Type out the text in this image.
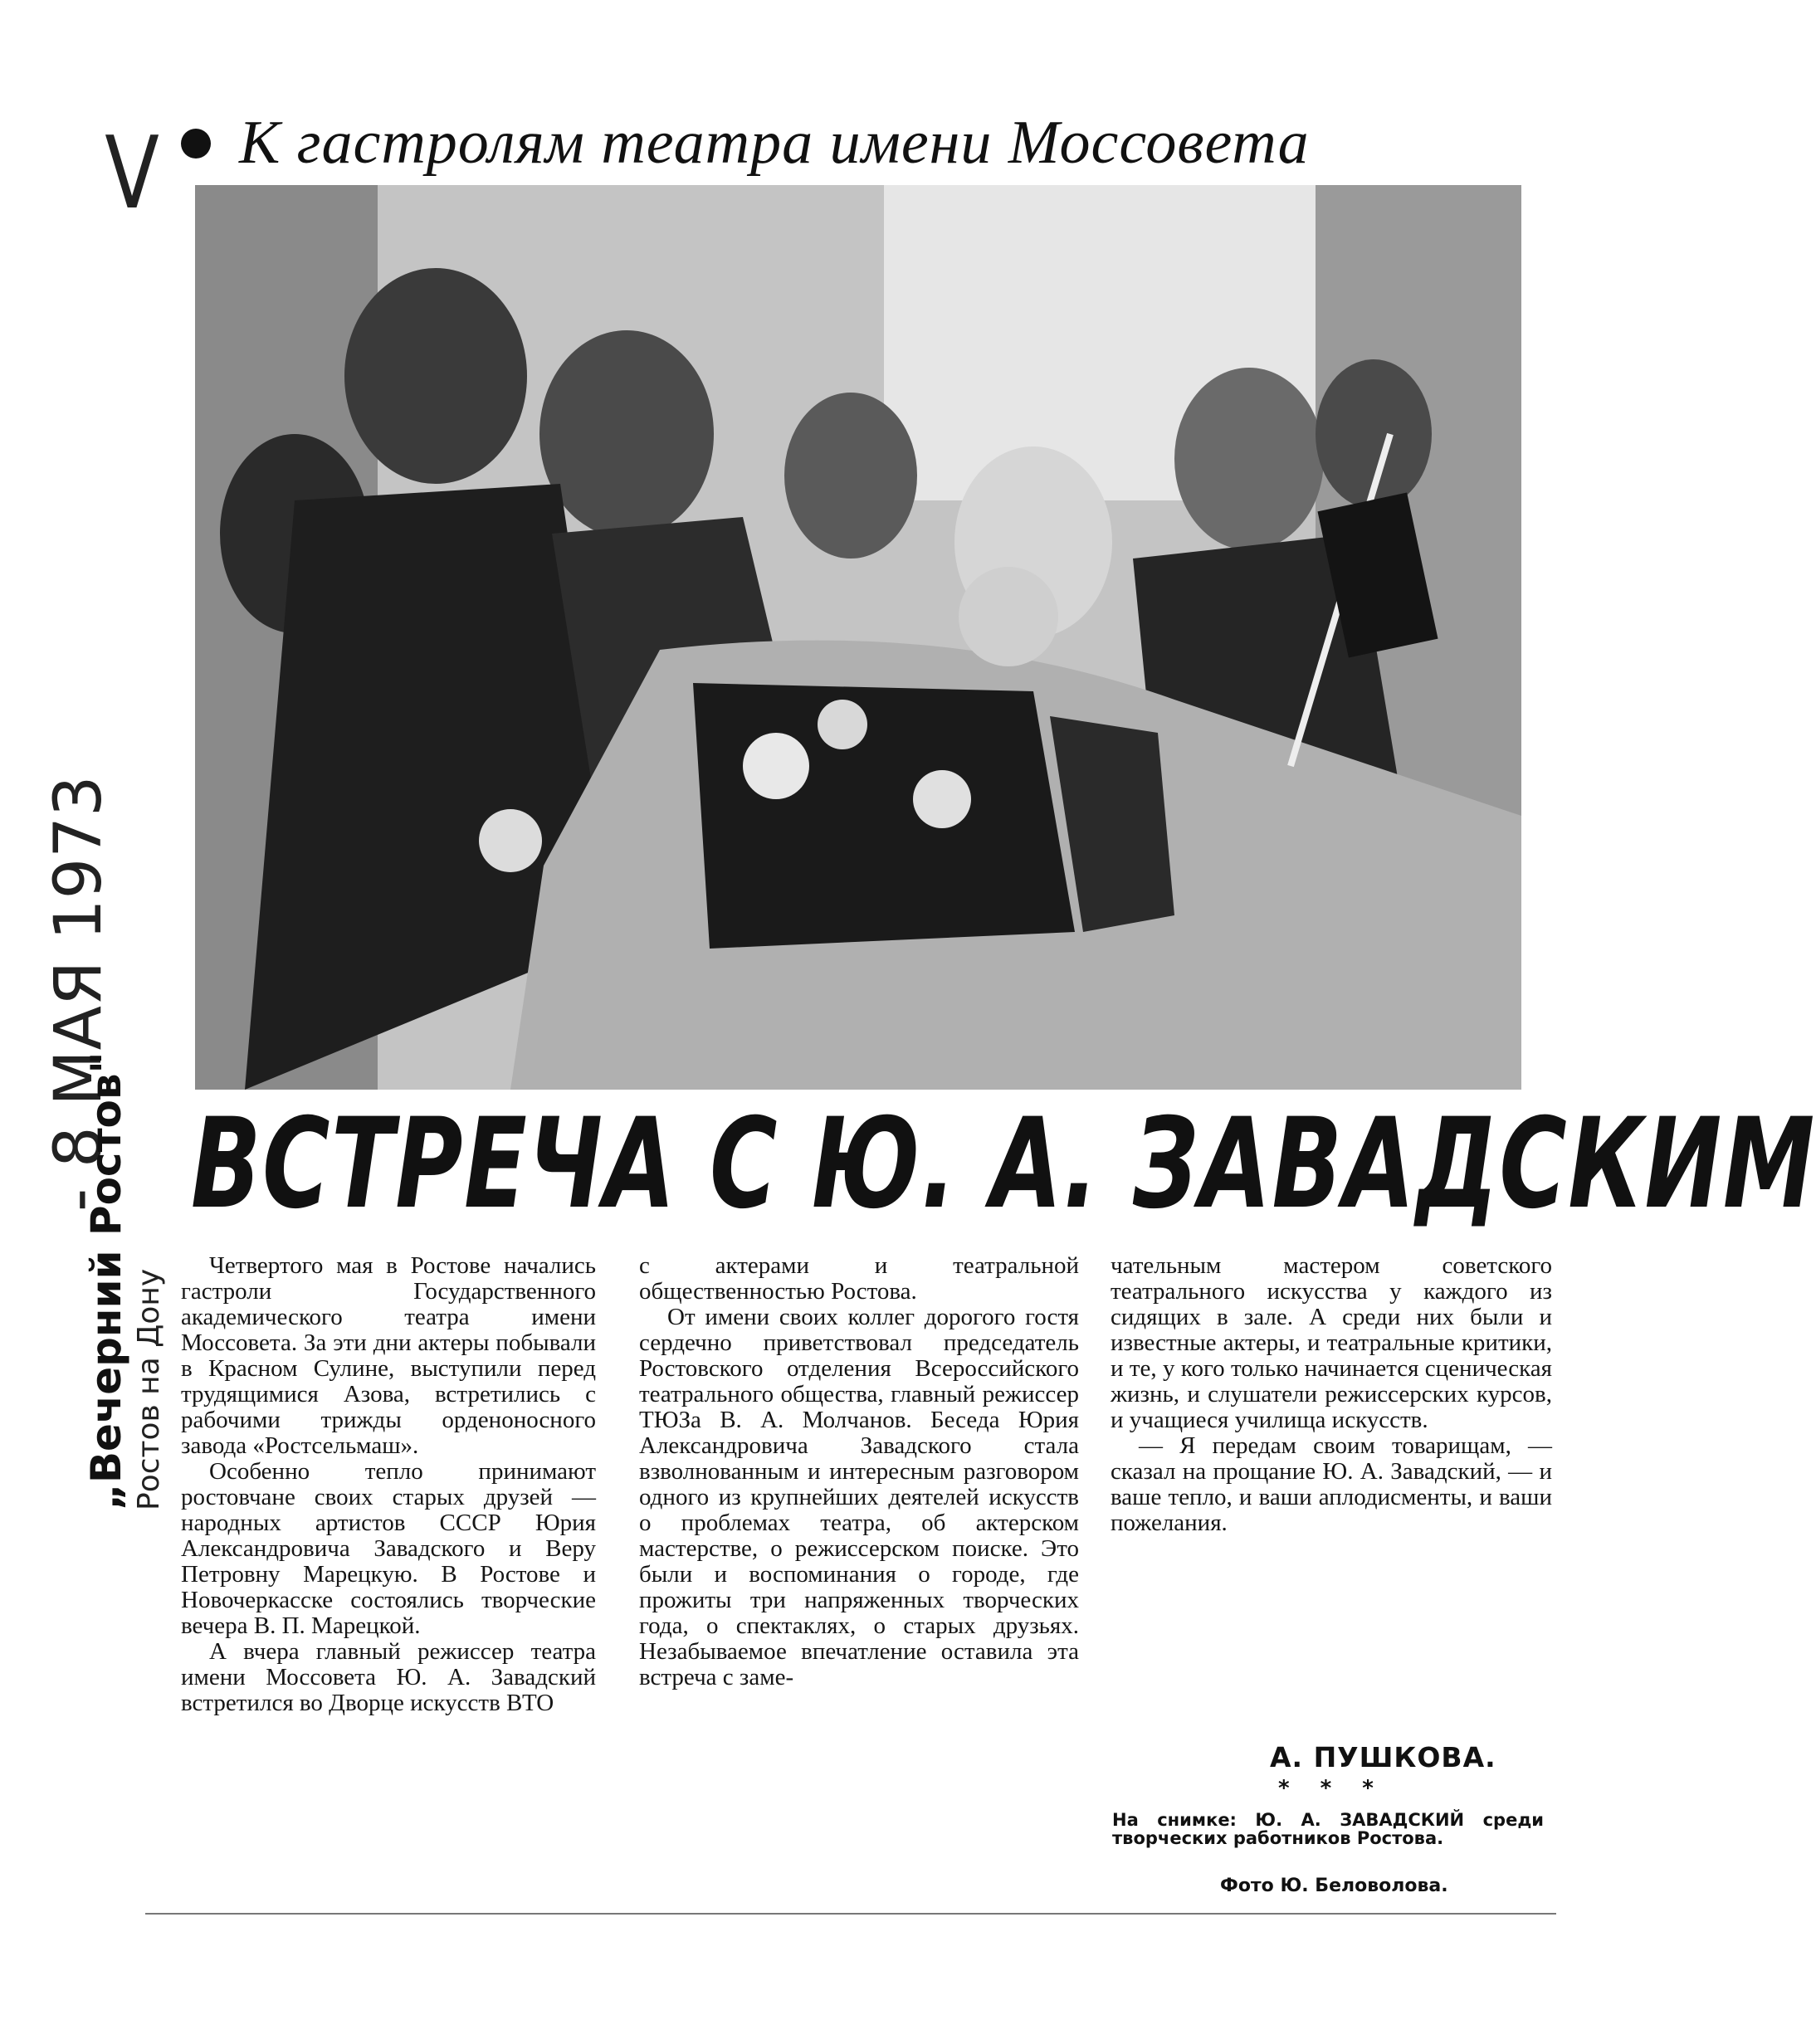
V К гастролям театра имени Моссовета
- 8 МАЯ 1973
„Вечерний Ростов" Ростов на Дону
ВСТРЕЧА С Ю. А. ЗАВАДСКИМ

Четвертого мая в Ростове начались гастроли Государственного академического театра имени Моссовета. За эти дни актеры побывали в Красном Сулине, выступили перед трудящимися Азова, встретились с рабочими трижды орденоносного завода «Ростсельмаш».

Особенно тепло принимают ростовчане своих старых друзей — народных артистов СССР Юрия Александровича Завадского и Веру Петровну Марецкую. В Ростове и Новочеркасске состоялись творческие вечера В. П. Марецкой.

А вчера главный режиссер театра имени Моссовета Ю. А. Завадский встретился во Дворце искусств ВТО

с актерами и театральной общественностью Ростова.

От имени своих коллег дорогого гостя сердечно приветствовал председатель Ростовского отделения Всероссийского театрального общества, главный режиссер ТЮЗа В. А. Молчанов. Беседа Юрия Александровича Завадского стала взволнованным и интересным разговором одного из крупнейших деятелей искусств о проблемах театра, об актерском мастерстве, о режиссерском поиске. Это были и воспоминания о городе, где прожиты три напряженных творческих года, о спектаклях, о старых друзьях. Незабываемое впечатление оставила эта встреча с заме-

чательным мастером советского театрального искусства у каждого из сидящих в зале. А среди них были и известные актеры, и театральные критики, и те, у кого только начинается сценическая жизнь, и слушатели режиссерских курсов, и учащиеся училища искусств.

— Я передам своим товарищам, — сказал на прощание Ю. А. Завадский, — и ваше тепло, и ваши аплодисменты, и ваши пожелания.

А. ПУШКОВА.
* * *
На снимке: Ю. А. ЗАВАДСКИЙ среди творческих работников Ростова.
Фото Ю. Беловолова.
